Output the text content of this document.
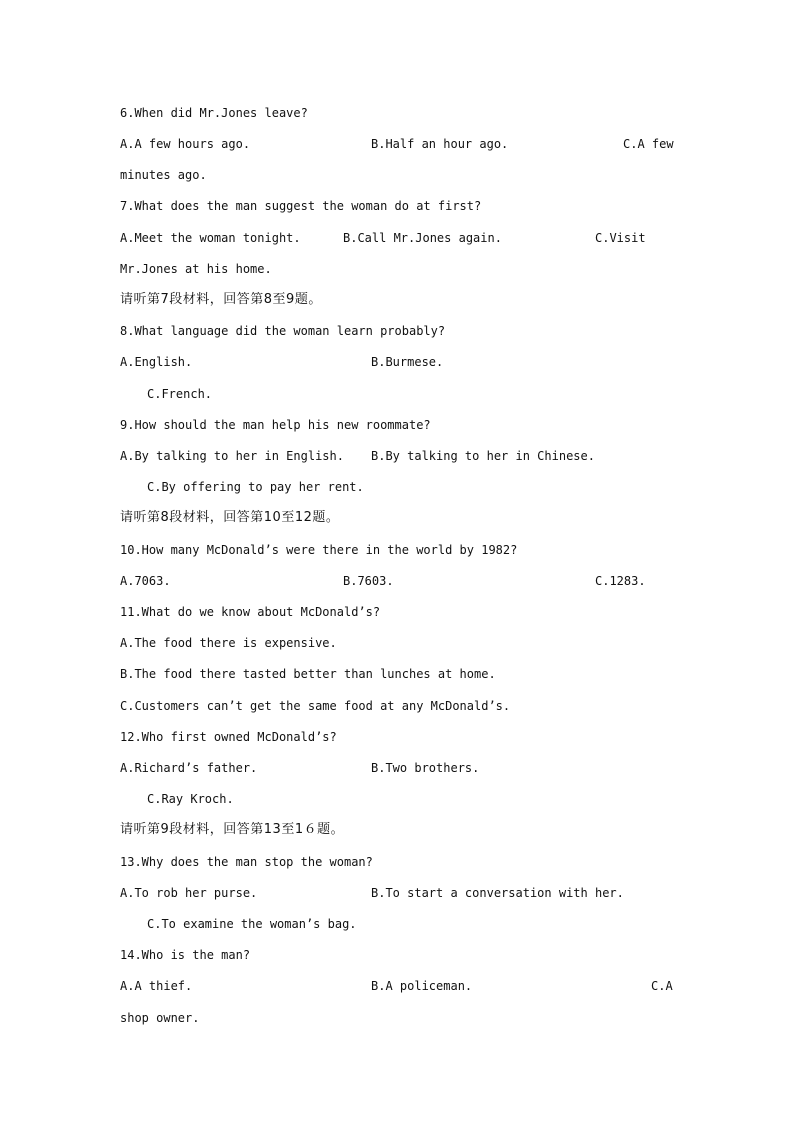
6.When did Mr.Jones leave?
A.A few hours ago.	B.Half an hour ago.	C.A few
minutes ago.
7.What does the man suggest the woman do at first?
A.Meet the woman tonight.	B.Call Mr.Jones again.	C.Visit
Mr.Jones at his home.
请听第7段材料，回答第8至9题。
8.What language did the woman learn probably?
A.English.	B.Burmese.
C.French.
9.How should the man help his new roommate?
A.By talking to her in English. B.By talking to her in Chinese.
C.By offering to pay her rent.
请听第8段材料，回答第10至12题。
10.How many McDonald’s were there in the world by 1982?
A.7063.	B.7603.	C.1283.
11.What do we know about McDonald’s?
A.The food there is expensive.
B.The food there tasted better than lunches at home.
C.Customers can’t get the same food at any McDonald’s.
12.Who first owned McDonald’s?
A.Richard’s father.	B.Two brothers.
C.Ray Kroch.
请听第9段材料，回答第13至1６题。
13.Why does the man stop the woman?
A.To rob her purse.	B.To start a conversation with her.
C.To examine the woman’s bag.
14.Who is the man?
A.A thief.	B.A policeman.	C.A
shop owner.
